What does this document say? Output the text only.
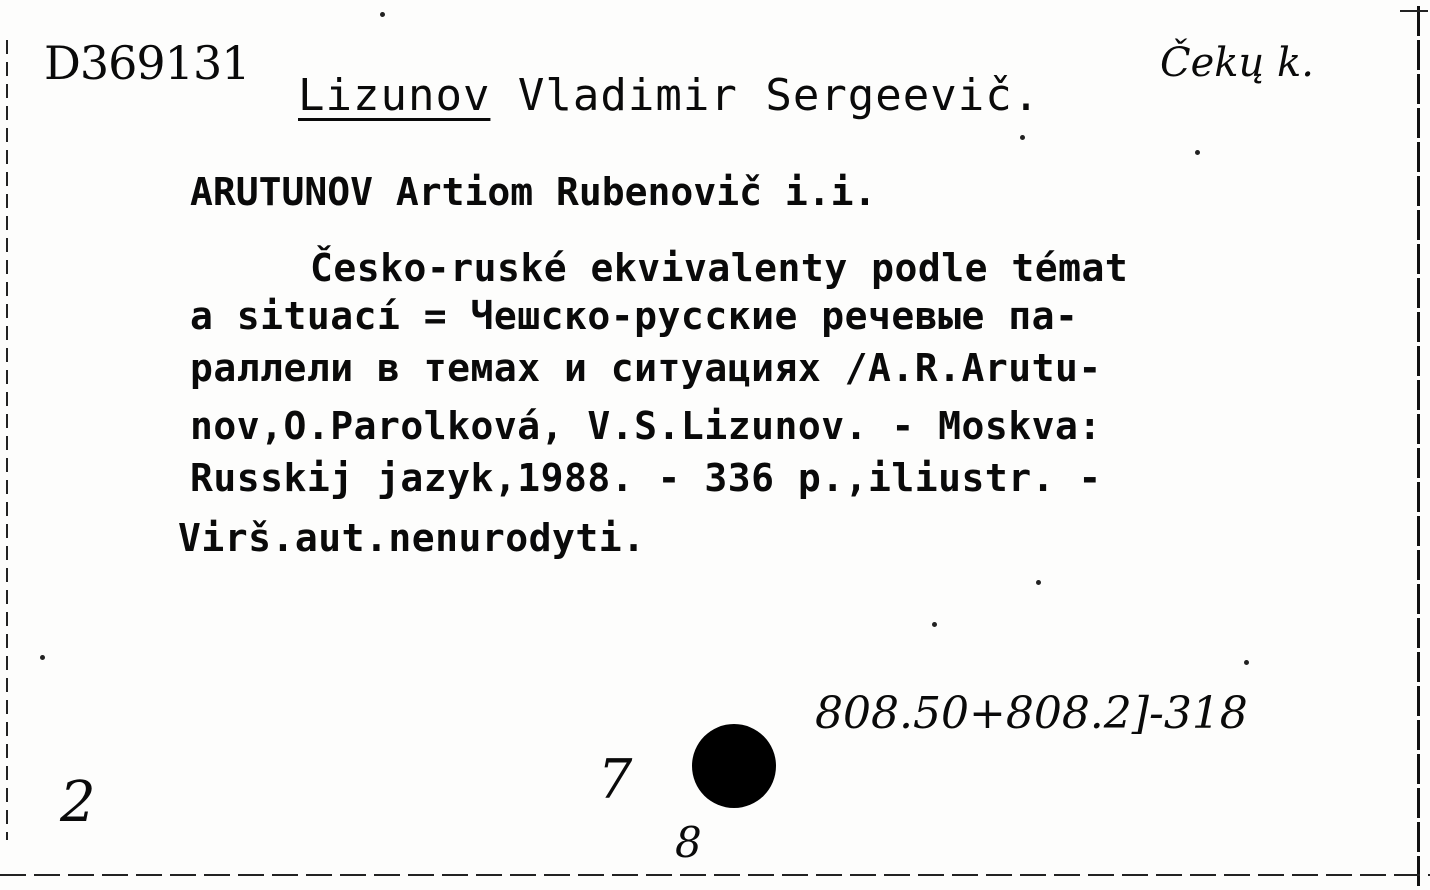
D369131
Lizunov Vladimir Sergeevič.
Čekų k.
ARUTUNOV Artiom Rubenovič i.i.
Česko-ruské ekvivalenty podle témat
a situací = Чешско-русские речевые па-
раллели в темах и ситуациях /A.R.Arutu-
nov,O.Parolková, V.S.Lizunov. - Moskva:
Russkij jazyk,1988. - 336 p.,iliustr. -
Virš.aut.nenurodyti.
808.50+808.2]-318
2	7
8
